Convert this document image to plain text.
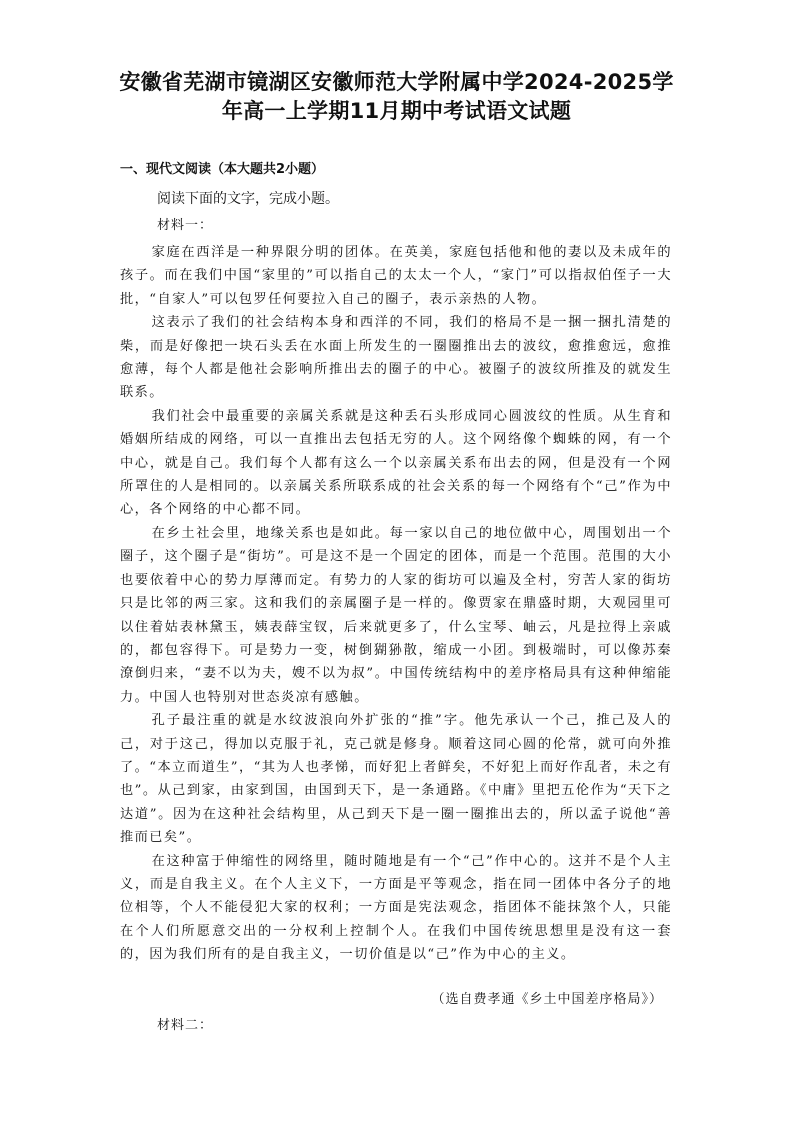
安徽省芜湖市镜湖区安徽师范大学附属中学2024-2025学
年高一上学期11月期中考试语文试题
一、现代文阅读（本大题共2小题）
阅读下面的文字，完成小题。
材料一：

家庭在西洋是一种界限分明的团体。在英美，家庭包括他和他的妻以及未成年的孩子。而在我们中国“家里的”可以指自己的太太一个人，“家门”可以指叔伯侄子一大批，“自家人”可以包罗任何要拉入自己的圈子，表示亲热的人物。

这表示了我们的社会结构本身和西洋的不同，我们的格局不是一捆一捆扎清楚的柴，而是好像把一块石头丢在水面上所发生的一圈圈推出去的波纹，愈推愈远，愈推愈薄，每个人都是他社会影响所推出去的圈子的中心。被圈子的波纹所推及的就发生联系。

我们社会中最重要的亲属关系就是这种丢石头形成同心圆波纹的性质。从生育和婚姻所结成的网络，可以一直推出去包括无穷的人。这个网络像个蜘蛛的网，有一个中心，就是自己。我们每个人都有这么一个以亲属关系布出去的网，但是没有一个网所罩住的人是相同的。以亲属关系所联系成的社会关系的每一个网络有个“己”作为中心，各个网络的中心都不同。

在乡土社会里，地缘关系也是如此。每一家以自己的地位做中心，周围划出一个圈子，这个圈子是“街坊”。可是这不是一个固定的团体，而是一个范围。范围的大小也要依着中心的势力厚薄而定。有势力的人家的街坊可以遍及全村，穷苦人家的街坊只是比邻的两三家。这和我们的亲属圈子是一样的。像贾家在鼎盛时期，大观园里可以住着姑表林黛玉，姨表薛宝钗，后来就更多了，什么宝琴、岫云，凡是拉得上亲戚的，都包容得下。可是势力一变，树倒猢狲散，缩成一小团。到极端时，可以像苏秦潦倒归来，“妻不以为夫，嫂不以为叔”。中国传统结构中的差序格局具有这种伸缩能力。中国人也特别对世态炎凉有感触。

孔子最注重的就是水纹波浪向外扩张的“推”字。他先承认一个己，推己及人的己，对于这己，得加以克服于礼，克己就是修身。顺着这同心圆的伦常，就可向外推了。“本立而道生”，“其为人也孝悌，而好犯上者鲜矣，不好犯上而好作乱者，未之有也”。从己到家，由家到国，由国到天下，是一条通路。《中庸》里把五伦作为“天下之达道”。因为在这种社会结构里，从己到天下是一圈一圈推出去的，所以孟子说他“善推而已矣”。

在这种富于伸缩性的网络里，随时随地是有一个“己”作中心的。这并不是个人主义，而是自我主义。在个人主义下，一方面是平等观念，指在同一团体中各分子的地位相等，个人不能侵犯大家的权利；一方面是宪法观念，指团体不能抹煞个人，只能在个人们所愿意交出的一分权利上控制个人。在我们中国传统思想里是没有这一套的，因为我们所有的是自我主义，一切价值是以“己”作为中心的主义。

（选自费孝通《乡土中国差序格局》）
材料二：
